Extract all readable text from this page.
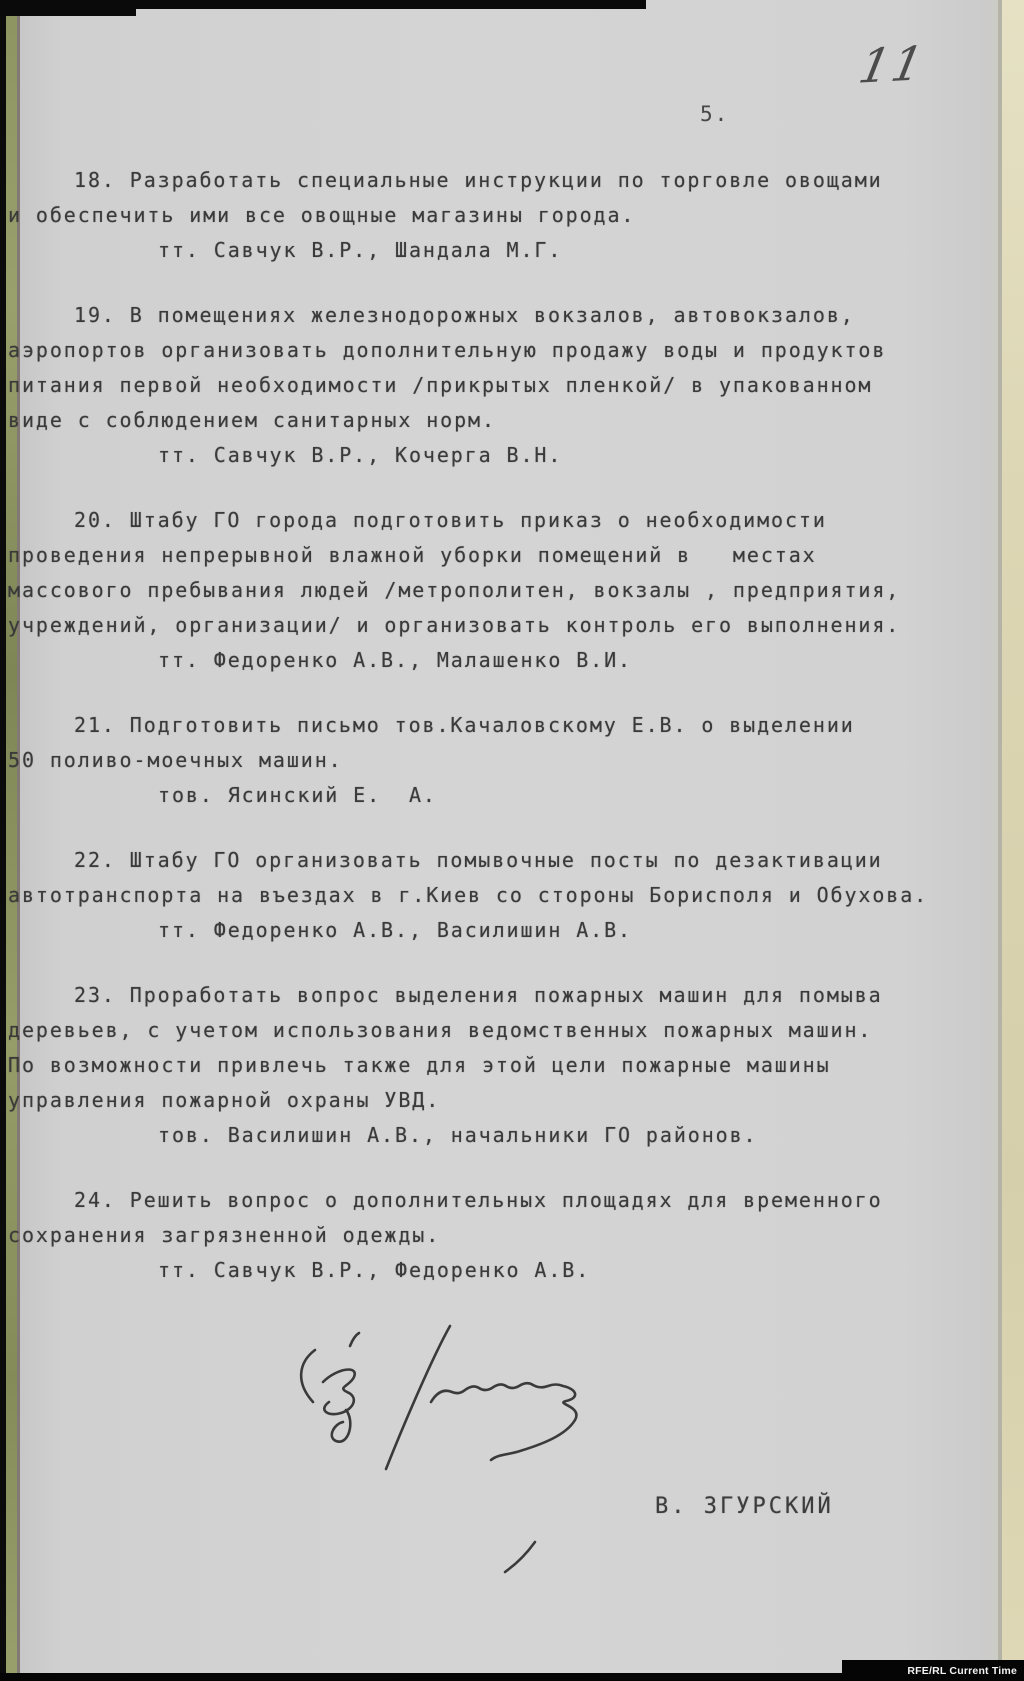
11
5.
18. Разработать специальные инструкции по торговле овощами
и обеспечить ими все овощные магазины города.
тт. Савчук В.Р., Шандала М.Г.
19. В помещениях железнодорожных вокзалов, автовокзалов,
аэропортов организовать дополнительную продажу воды и продуктов
питания первой необходимости /прикрытых пленкой/ в упакованном
виде с соблюдением санитарных норм.
тт. Савчук В.Р., Кочерга В.Н.
20. Штабу ГО города подготовить приказ о необходимости
проведения непрерывной влажной уборки помещений в   местах
массового пребывания людей /метрополитен, вокзалы , предприятия,
учреждений, организации/ и организовать контроль его выполнения.
тт. Федоренко А.В., Малашенко В.И.
21. Подготовить письмо тов.Качаловскому Е.В. о выделении
50 поливо-моечных машин.
тов. Ясинский Е.  А.
22. Штабу ГО организовать помывочные посты по дезактивации
автотранспорта на въездах в г.Киев со стороны Борисполя и Обухова.
тт. Федоренко А.В., Василишин А.В.
23. Проработать вопрос выделения пожарных машин для помыва
деревьев, с учетом использования ведомственных пожарных машин.
По возможности привлечь также для этой цели пожарные машины
управления пожарной охраны УВД.
тов. Василишин А.В., начальники ГО районов.
24. Решить вопрос о дополнительных площадях для временного
сохранения загрязненной одежды.
тт. Савчук В.Р., Федоренко А.В.
В. ЗГУРСКИЙ
RFE/RL Current Time
